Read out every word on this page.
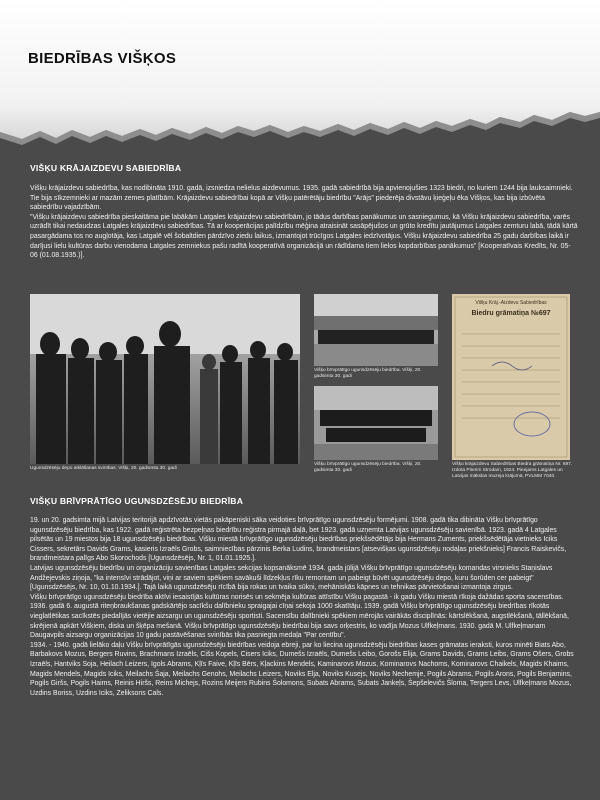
BIEDRĪBAS VIŠĶOS
VIŠĶU KRĀJAIZDEVU SABIEDRĪBA

Višķu krājaizdevu sabiedrība, kas nodibināta 1910. gadā, izsniedza nelielus aizdevumus. 1935. gadā sabiedrībā bija apvienojušies 1323 biedri, no kuriem 1244 bija lauksaimnieki. Tie bija sīkzemnieki ar mazām zemes platībām. Krājaizdevu sabiedrībai kopā ar Višķu patērētāju biedrību "Arājs" piederēja divstāvu ķieģeļu ēka Višķos, kas bija izbūvēta sabiedrību vajadzībām.

"Višķu krājaizdevu sabiedrība pieskaitāma pie labākām Latgales krājaizdevu sabiedrībām, jo tādus darbības panākumus un sasniegumus, kā Višķu krājaizdevu sabiedrība, varēs uzrādīt tikai nedaudzas Latgales krājaizdevu sabiedrības. Tā ar kooperācijas palīdzību mēģina atraisināt sasāpējušos un grūto kredītu jautājumus Latgales zemturu labā, tādā kārtā pasargādama tos no augļotāja, kas Latgalē vēl šobaltdien pārdzīvo ziedu laikus, izmantojot trūcīgos Latgales iedzīvotājus. Višķu krājaizdevu sabiedrība 25 gadu darbības laikā ir darījusi lielu kultūras darbu vienodama Latgales zemniekus pašu radītā kooperatīvā organizācijā un rādīdama tiem lielos kopdarbības panākumus" [Kooperatīvais Kredīts, Nr. 05-06 (01.08.1935.)].

Ugunsdzēsēju depo atklāšanas svinības. Višķi, 20. gadsimta 30. gadi
Višķu brīvprātīgo ugunsdzēsēju biedrība. Višķi, 20. gadsimta 30. gadi
Višķu brīvprātīgo ugunsdzēsēju biedrība. Višķi, 20. gadsimta 30. gadi
Višķu Krāj.-Aizdevu Sabiedrības
Biedru grāmatiņa №697
Višķu krājaizdevu Sabiedrības Biedra grāmatiņa Nr. 697. Izdota Piterim Strodam, 1924. Pieejams Latgales un Latvijas mākslas muzeja krājumā, PVLMM 7040.
VIŠĶU BRĪVPRĀTĪGO UGUNSDZĒSĒJU BIEDRĪBA

19. un 20. gadsimta mijā Latvijas teritorijā apdzīvotās vietās pakāpeniski sāka veidoties brīvprātīgo ugunsdzēsēju formējumi. 1908. gadā tika dibināta Višķu brīvprātīgo ugunsdzēsēju biedrība, kas 1922. gadā reģistrēta bezpeļņas biedrību reģistra pirmajā daļā, bet 1923. gadā uzņemta Latvijas ugunsdzēsēju savienībā. 1923. gadā 4 Latgales pilsētās un 19 miestos bija 18 ugunsdzēsēju biedrības. Višķu miestā brīvprātīgo ugunsdzēsēju biedrības priekšsēdētājs bija Hermans Zuments, priekšsēdētāja vietnieks Iciks Cissers, sekretārs Davids Grams, kasieris Izraēls Grobs, saimniecības pārzinis Berka Ludins, brandmeistars [atsevišķas ugunsdzēsēju nodaļas priekšnieks] Francis Raiskevičs, brandmeistara palīgs Abo Skorochods [Ugunsdzēsējs, Nr. 1, 01.01.1925.].

Latvijas ugunsdzēsēju biedrību un organizāciju savienības Latgales sekcijas kopsanāksmē 1934. gada jūlijā Višķu brīvprātīgo ugunsdzēsēju komandas virsnieks Staņislavs Andžejevskis ziņoja, "ka intensīvi strādājot, viņi ar saviem spēkiem savākuši līdzekļus rīku remontam un pabeigt būvēt ugunsdzēsēju depo, kuru šorūden cer pabeigt" [Ugunsdzēsējs, Nr. 10, 01.10.1934.]. Tajā laikā ugunsdzēsēju rīcībā bija rokas un tvaika sūkņi, mehāniskās kāpnes un tehnikas pārvietošanai izmantoja zirgus.

Višķu brīvprātīgo ugunsdzēsēju biedrība aktīvi iesaistījās kultūras norisēs un sekmēja kultūras attīstību Višķu pagastā - ik gadu Višķu miestā rīkoja dažādas sporta sacensības. 1936. gadā 6. augustā riteņbraukšanas gadskārtējo sacīkšu dalībnieku spraigajai cīņai sekoja 1000 skatītāju. 1939. gadā Višķu brīvprātīgo ugunsdzēsēju biedrības rīkotās vieglatlētikas sacīkstēs piedalījās vietējie aizsargu un ugunsdzēsēju sportisti. Sacensību dalībnieki spēkiem mērojās vairākās disciplīnās: kārtslēkšanā, augstlēkšanā, tāllēkšanā, skrējienā apkārt Višķiem, diska un šķēpa mešanā. Višķu brīvprātīgo ugunsdzēsēju biedrībai bija savs orķestris, ko vadīja Mozus Ulfkeļmans. 1930. gadā M. Ulfkeļmanam Daugavpils aizsargu organizācijas 10 gadu pastāvēšanas svinībās tika pasniegta medaļa "Par centību".

1934. - 1940. gadā lielāko daļu Višķu brīvprātīgās ugunsdzēsēju biedrības veidoja ebreji, par ko liecina ugunsdzēsēju biedrības kases grāmatas ieraksti, kuros minēti Biats Abo, Barbakovs Mozus, Bergers Ruvins, Brachmans Izraēls, Cišs Kopels, Cisers Iciks, Dumešs Izraēls, Dumešs Leibo, Gorošs Elija, Grams Davids, Grams Leibs, Grams Ošers, Grobs Izraēls, Hantviks Soja, Heilach Leizers, Igols Abrams, Kļīs Faive, Kļīs Bērs, Kļackins Mendels, Kaminarovs Mozus, Kominarovs Nachoms, Kominarovs Chaikels, Magids Khaims, Magids Mendels, Magids Iciks, Meilachs Šaja, Meilachs Genohs, Meilachs Leizers, Noviks Elja, Noviks Kusejs, Noviks Nechemje, Pogils Abrams, Pogils Arons, Pogils Benjamins, Pogils Giršs, Pogils Haims, Reinis Hiršs, Reins Michejs, Rozins Meijers Rubins Šolomons, Subats Abrams, Subats Jankeļs, Šepšelevičs Šloma, Tergers Levs, Ulfkeļmans Mozus, Uzdins Boriss, Uzdins Iciks, Zeliksons Cals.
